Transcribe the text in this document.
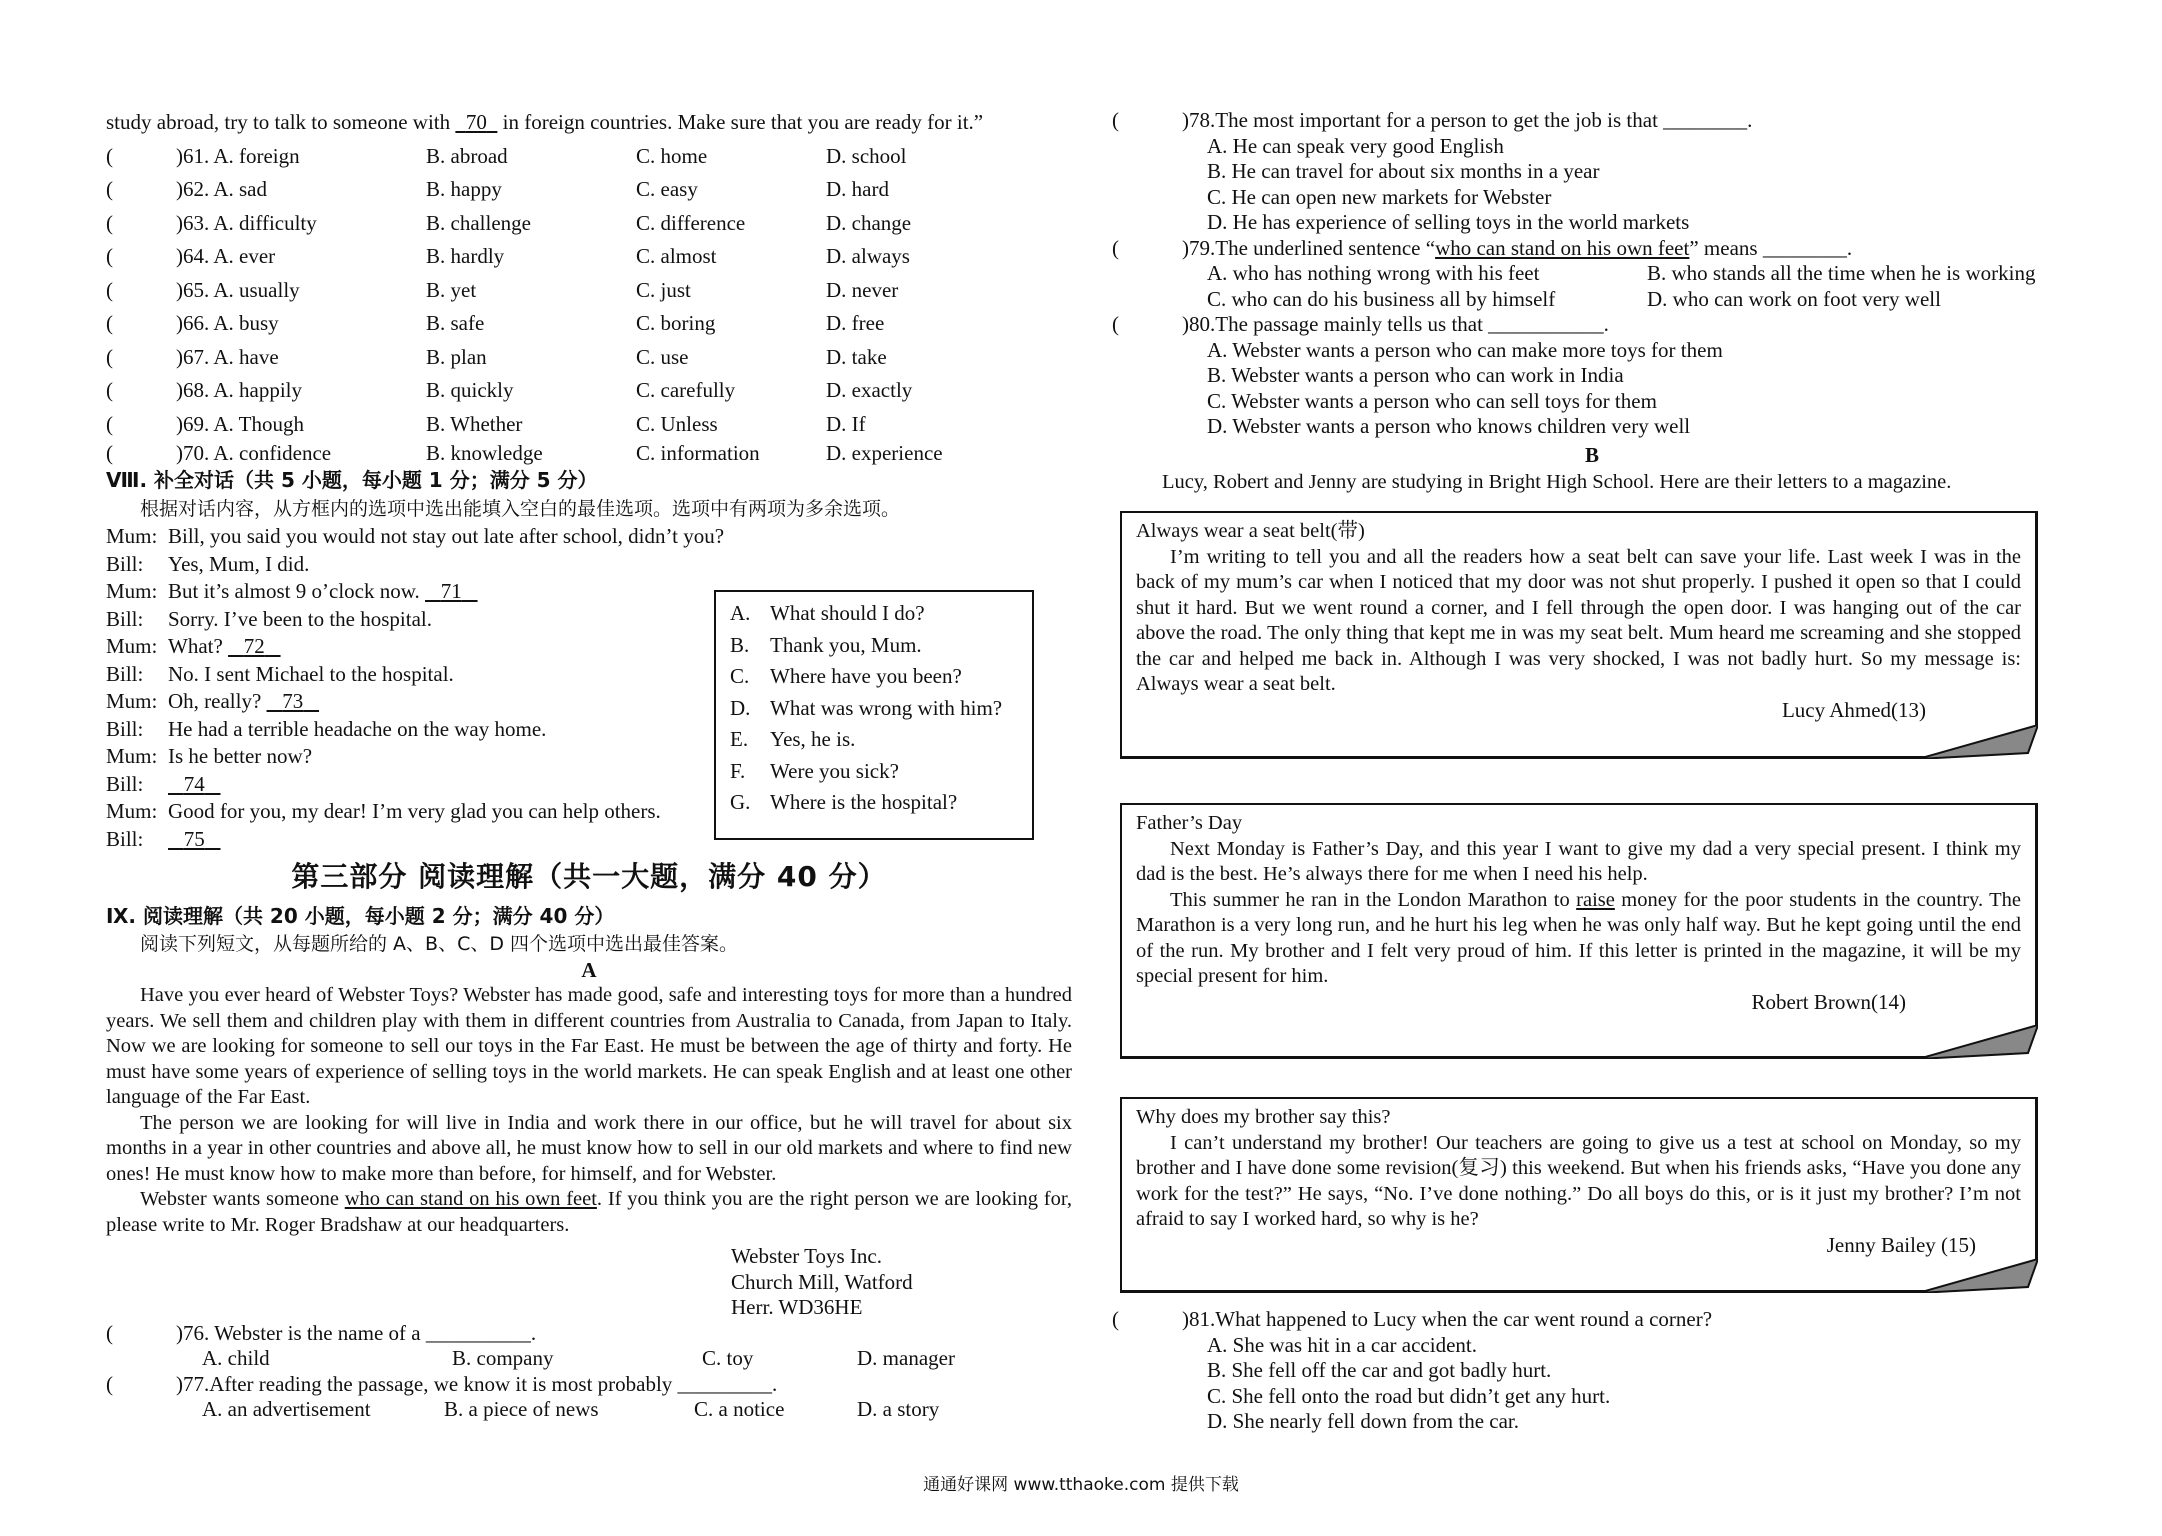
study abroad, try to talk to someone with   70   in foreign countries. Make sure that you are ready for it.”
(	)61. A. foreign	B. abroad	C. home	D. school
(	)62. A. sad	B. happy	C. easy	D. hard
(	)63. A. difficulty	B. challenge	C. difference	D. change
(	)64. A. ever	B. hardly	C. almost	D. always
(	)65. A. usually	B. yet	C. just	D. never
(	)66. A. busy	B. safe	C. boring	D. free
(	)67. A. have	B. plan	C. use	D. take
(	)68. A. happily	B. quickly	C. carefully	D. exactly
(	)69. A. Though	B. Whether	C. Unless	D. If
(	)70. A. confidence	B. knowledge	C. information	D. experience
Ⅷ. 补全对话（共 5 小题，每小题 1 分；满分 5 分）
根据对话内容，从方框内的选项中选出能填入空白的最佳选项。选项中有两项为多余选项。
Mum: Bill, you said you would not stay out late after school, didn’t you?
Bill: Yes, Mum, I did.
Mum: But it’s almost 9 o’clock now.    71
Bill: Sorry. I’ve been to the hospital.
Mum: What?    72
Bill: No. I sent Michael to the hospital.
Mum: Oh, really?    73
Bill: He had a terrible headache on the way home.
Mum: Is he better now?
Bill: 74
Mum: Good for you, my dear! I’m very glad you can help others.
Bill: 75
A. What should I do?
B. Thank you, Mum.
C. Where have you been?
D. What was wrong with him?
E. Yes, he is.
F. Were you sick?
G. Where is the hospital?
第三部分 阅读理解（共一大题，满分 40 分）
Ⅸ. 阅读理解（共 20 小题，每小题 2 分；满分 40 分）
阅读下列短文，从每题所给的 A、B、C、D 四个选项中选出最佳答案。
A
Have you ever heard of Webster Toys? Webster has made good, safe and interesting toys for more than a hundred years. We sell them and children play with them in different countries from Australia to Canada, from Japan to Italy. Now we are looking for someone to sell our toys in the Far East. He must be between the age of thirty and forty. He must have some years of experience of selling toys in the world markets. He can speak English and at least one other language of the Far East.
The person we are looking for will live in India and work there in our office, but he will travel for about six months in a year in other countries and above all, he must know how to sell in our old markets and where to find new ones! He must know how to make more than before, for himself, and for Webster.
Webster wants someone who can stand on his own feet. If you think you are the right person we are looking for, please write to Mr. Roger Bradshaw at our headquarters.
Webster Toys Inc.
Church Mill, Watford
Herr. WD36HE
(	)76. Webster is the name of a __________.
A. child	B. company	C. toy	D. manager
(	)77.After reading the passage, we know it is most probably _________.
A. an advertisement	B. a piece of news	C. a notice	D. a story
(	)78.The most important for a person to get the job is that ________.
A. He can speak very good English
B. He can travel for about six months in a year
C. He can open new markets for Webster
D. He has experience of selling toys in the world markets
(	)79.The underlined sentence “who can stand on his own feet” means ________.
A. who has nothing wrong with his feet	B. who stands all the time when he is working
C. who can do his business all by himself	D. who can work on foot very well
(	)80.The passage mainly tells us that ___________.
A. Webster wants a person who can make more toys for them
B. Webster wants a person who can work in India
C. Webster wants a person who can sell toys for them
D. Webster wants a person who knows children very well
B
Lucy, Robert and Jenny are studying in Bright High School. Here are their letters to a magazine.
Always wear a seat belt(带)
I’m writing to tell you and all the readers how a seat belt can save your life. Last week I was in the back of my mum’s car when I noticed that my door was not shut properly. I pushed it open so that I could shut it hard. But we went round a corner, and I fell through the open door. I was hanging out of the car above the road. The only thing that kept me in was my seat belt. Mum heard me screaming and she stopped the car and helped me back in. Although I was very shocked, I was not badly hurt. So my message is: Always wear a seat belt.
Lucy Ahmed(13)
Father’s Day
Next Monday is Father’s Day, and this year I want to give my dad a very special present. I think my dad is the best. He’s always there for me when I need his help.
This summer he ran in the London Marathon to raise money for the poor students in the country. The Marathon is a very long run, and he hurt his leg when he was only half way. But he kept going until the end of the run. My brother and I felt very proud of him. If this letter is printed in the magazine, it will be my special present for him.
Robert Brown(14)
Why does my brother say this?
I can’t understand my brother! Our teachers are going to give us a test at school on Monday, so my brother and I have done some revision(复习) this weekend. But when his friends asks, “Have you done any work for the test?” He says, “No. I’ve done nothing.” Do all boys do this, or is it just my brother? I’m not afraid to say I worked hard, so why is he?
Jenny Bailey (15)
(	)81.What happened to Lucy when the car went round a corner?
A. She was hit in a car accident.
B. She fell off the car and got badly hurt.
C. She fell onto the road but didn’t get any hurt.
D. She nearly fell down from the car.
通通好课网 www.tthaoke.com 提供下载
